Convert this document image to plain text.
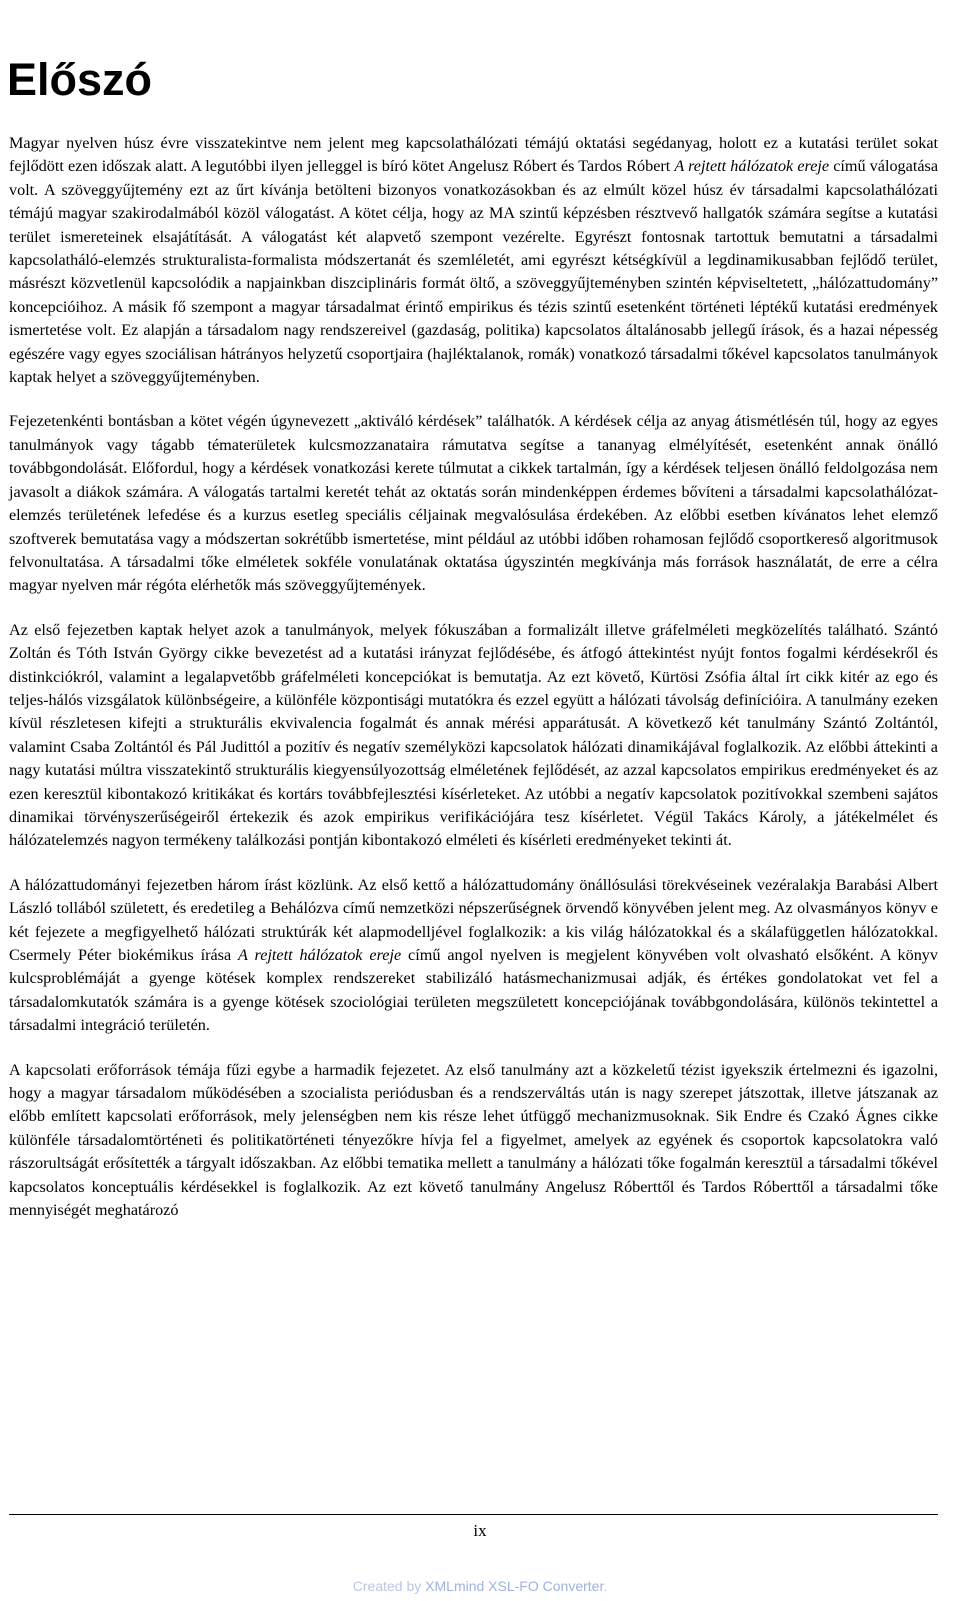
Előszó

Magyar nyelven húsz évre visszatekintve nem jelent meg kapcsolathálózati témájú oktatási segédanyag, holott ez a kutatási terület sokat fejlődött ezen időszak alatt. A legutóbbi ilyen jelleggel is bíró kötet Angelusz Róbert és Tardos Róbert A rejtett hálózatok ereje című válogatása volt. A szöveggyűjtemény ezt az űrt kívánja betölteni bizonyos vonatkozásokban és az elmúlt közel húsz év társadalmi kapcsolathálózati témájú magyar szakirodalmából közöl válogatást. A kötet célja, hogy az MA szintű képzésben résztvevő hallgatók számára segítse a kutatási terület ismereteinek elsajátítását. A válogatást két alapvető szempont vezérelte. Egyrészt fontosnak tartottuk bemutatni a társadalmi kapcsolatháló-elemzés strukturalista-formalista módszertanát és szemléletét, ami egyrészt kétségkívül a legdinamikusabban fejlődő terület, másrészt közvetlenül kapcsolódik a napjainkban diszciplináris formát öltő, a szöveggyűjteményben szintén képviseltetett, „hálózattudomány” koncepcióihoz. A másik fő szempont a magyar társadalmat érintő empirikus és tézis szintű esetenként történeti léptékű kutatási eredmények ismertetése volt. Ez alapján a társadalom nagy rendszereivel (gazdaság, politika) kapcsolatos általánosabb jellegű írások, és a hazai népesség egészére vagy egyes szociálisan hátrányos helyzetű csoportjaira (hajléktalanok, romák) vonatkozó társadalmi tőkével kapcsolatos tanulmányok kaptak helyet a szöveggyűjteményben.

Fejezetenkénti bontásban a kötet végén úgynevezett „aktiváló kérdések” találhatók. A kérdések célja az anyag átismétlésén túl, hogy az egyes tanulmányok vagy tágabb tématerületek kulcsmozzanataira rámutatva segítse a tananyag elmélyítését, esetenként annak önálló továbbgondolását. Előfordul, hogy a kérdések vonatkozási kerete túlmutat a cikkek tartalmán, így a kérdések teljesen önálló feldolgozása nem javasolt a diákok számára. A válogatás tartalmi keretét tehát az oktatás során mindenképpen érdemes bővíteni a társadalmi kapcsolathálózat-elemzés területének lefedése és a kurzus esetleg speciális céljainak megvalósulása érdekében. Az előbbi esetben kívánatos lehet elemző szoftverek bemutatása vagy a módszertan sokrétűbb ismertetése, mint például az utóbbi időben rohamosan fejlődő csoportkereső algoritmusok felvonultatása. A társadalmi tőke elméletek sokféle vonulatának oktatása úgyszintén megkívánja más források használatát, de erre a célra magyar nyelven már régóta elérhetők más szöveggyűjtemények.

Az első fejezetben kaptak helyet azok a tanulmányok, melyek fókuszában a formalizált illetve gráfelméleti megközelítés található. Szántó Zoltán és Tóth István György cikke bevezetést ad a kutatási irányzat fejlődésébe, és átfogó áttekintést nyújt fontos fogalmi kérdésekről és distinkciókról, valamint a legalapvetőbb gráfelméleti koncepciókat is bemutatja. Az ezt követő, Kürtösi Zsófia által írt cikk kitér az ego és teljes-hálós vizsgálatok különbségeire, a különféle központisági mutatókra és ezzel együtt a hálózati távolság definícióira. A tanulmány ezeken kívül részletesen kifejti a strukturális ekvivalencia fogalmát és annak mérési apparátusát. A következő két tanulmány Szántó Zoltántól, valamint Csaba Zoltántól és Pál Judittól a pozitív és negatív személyközi kapcsolatok hálózati dinamikájával foglalkozik. Az előbbi áttekinti a nagy kutatási múltra visszatekintő strukturális kiegyensúlyozottság elméletének fejlődését, az azzal kapcsolatos empirikus eredményeket és az ezen keresztül kibontakozó kritikákat és kortárs továbbfejlesztési kísérleteket. Az utóbbi a negatív kapcsolatok pozitívokkal szembeni sajátos dinamikai törvényszerűségeiről értekezik és azok empirikus verifikációjára tesz kísérletet. Végül Takács Károly, a játékelmélet és hálózatelemzés nagyon termékeny találkozási pontján kibontakozó elméleti és kísérleti eredményeket tekinti át.

A hálózattudományi fejezetben három írást közlünk. Az első kettő a hálózattudomány önállósulási törekvéseinek vezéralakja Barabási Albert László tollából született, és eredetileg a Behálózva című nemzetközi népszerűségnek örvendő könyvében jelent meg. Az olvasmányos könyv e két fejezete a megfigyelhető hálózati struktúrák két alapmodelljével foglalkozik: a kis világ hálózatokkal és a skálafüggetlen hálózatokkal. Csermely Péter biokémikus írása A rejtett hálózatok ereje című angol nyelven is megjelent könyvében volt olvasható elsőként. A könyv kulcsproblémáját a gyenge kötések komplex rendszereket stabilizáló hatásmechanizmusai adják, és értékes gondolatokat vet fel a társadalomkutatók számára is a gyenge kötések szociológiai területen megszületett koncepciójának továbbgondolására, különös tekintettel a társadalmi integráció területén.

A kapcsolati erőforrások témája fűzi egybe a harmadik fejezetet. Az első tanulmány azt a közkeletű tézist igyekszik értelmezni és igazolni, hogy a magyar társadalom működésében a szocialista periódusban és a rendszerváltás után is nagy szerepet játszottak, illetve játszanak az előbb említett kapcsolati erőforrások, mely jelenségben nem kis része lehet útfüggő mechanizmusoknak. Sik Endre és Czakó Ágnes cikke különféle társadalomtörténeti és politikatörténeti tényezőkre hívja fel a figyelmet, amelyek az egyének és csoportok kapcsolatokra való rászorultságát erősítették a tárgyalt időszakban. Az előbbi tematika mellett a tanulmány a hálózati tőke fogalmán keresztül a társadalmi tőkével kapcsolatos konceptuális kérdésekkel is foglalkozik. Az ezt követő tanulmány Angelusz Róberttől és Tardos Róberttől a társadalmi tőke mennyiségét meghatározó

ix
Created by XMLmind XSL-FO Converter.
